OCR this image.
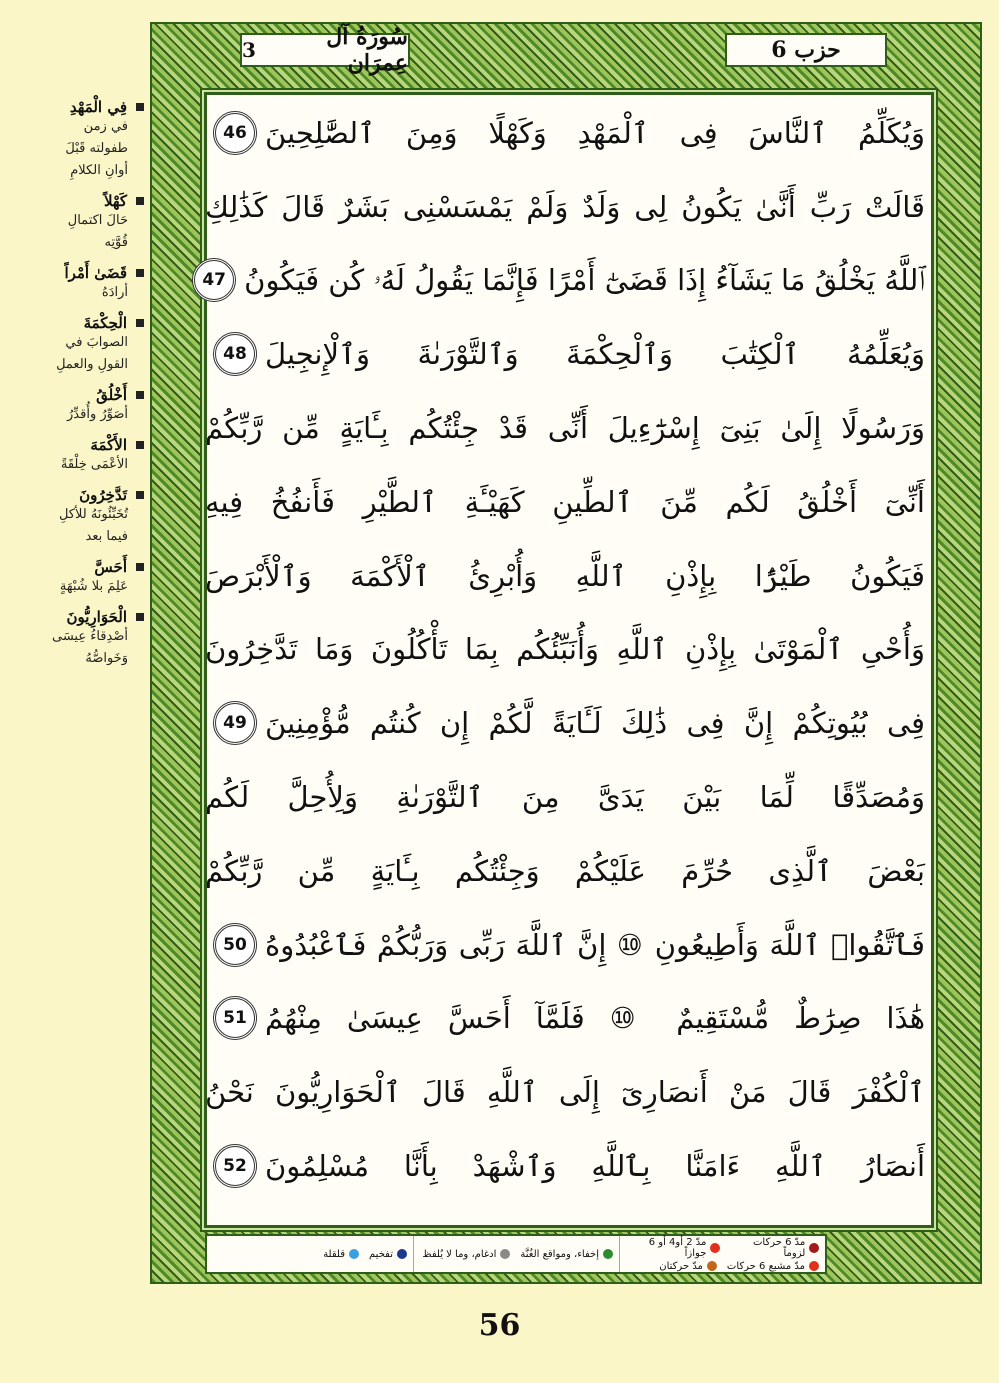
فِي الْمَهْدِ
في زمن
طفولته قَبْلَ
أوانِ الكلامِ
كَهْلاً
حَالَ اكتمالِ
قُوَّتِه
قَضَىٰ أَمْراً
أرادَهُ
الْحِكْمَةَ
الصوابَ في
القولِ والعملِ
أَخْلُقُ
أصَوِّرُ وأُقدِّرُ
الأَكْمَهَ
الأعْمَى خِلْقَةً
تَدَّخِرُونَ
تُخَبِّئُونَهُ للأكلِ
فيما بعد
أَحَسَّ
عَلِمَ بلا شُبْهَةٍ
الْحَوَارِيُّونَ
أصْدِقاءُ عِيسَى
وَخَواصُّهُ
سُورَةُ آل عِمرَان
3	حزب 6
وَيُكَلِّمُ ٱلنَّاسَ فِى ٱلْمَهْدِ وَكَهْلًا وَمِنَ ٱلصَّٰلِحِينَ
46
قَالَتْ رَبِّ أَنَّىٰ يَكُونُ لِى وَلَدٌ وَلَمْ يَمْسَسْنِى بَشَرٌ قَالَ كَذَٰلِكِ
ٱللَّهُ يَخْلُقُ مَا يَشَآءُ إِذَا قَضَىٰٓ أَمْرًا فَإِنَّمَا يَقُولُ لَهُۥ كُن فَيَكُونُ
47
وَيُعَلِّمُهُ ٱلْكِتَٰبَ وَٱلْحِكْمَةَ وَٱلتَّوْرَىٰةَ وَٱلْإِنجِيلَ
48
وَرَسُولًا إِلَىٰ بَنِىٓ إِسْرَٰٓءِيلَ أَنِّى قَدْ جِئْتُكُم بِـَٔايَةٍ مِّن رَّبِّكُمْ
أَنِّىٓ أَخْلُقُ لَكُم مِّنَ ٱلطِّينِ كَهَيْـَٔةِ ٱلطَّيْرِ فَأَنفُخُ فِيهِ
فَيَكُونُ طَيْرًۢا بِإِذْنِ ٱللَّهِ وَأُبْرِئُ ٱلْأَكْمَهَ وَٱلْأَبْرَصَ
وَأُحْىِ ٱلْمَوْتَىٰ بِإِذْنِ ٱللَّهِ وَأُنَبِّئُكُم بِمَا تَأْكُلُونَ وَمَا تَدَّخِرُونَ
فِى بُيُوتِكُمْ إِنَّ فِى ذَٰلِكَ لَـَٔايَةً لَّكُمْ إِن كُنتُم مُّؤْمِنِينَ
49
وَمُصَدِّقًا لِّمَا بَيْنَ يَدَىَّ مِنَ ٱلتَّوْرَىٰةِ وَلِأُحِلَّ لَكُم
بَعْضَ ٱلَّذِى حُرِّمَ عَلَيْكُمْ وَجِئْتُكُم بِـَٔايَةٍ مِّن رَّبِّكُمْ
فَٱتَّقُوا۟ ٱللَّهَ وَأَطِيعُونِ ⑩ إِنَّ ٱللَّهَ رَبِّى وَرَبُّكُمْ فَٱعْبُدُوهُ
50
هَٰذَا صِرَٰطٌ مُّسْتَقِيمٌ ⑩ فَلَمَّآ أَحَسَّ عِيسَىٰ مِنْهُمُ
51
ٱلْكُفْرَ قَالَ مَنْ أَنصَارِىٓ إِلَى ٱللَّهِ قَالَ ٱلْحَوَارِيُّونَ نَحْنُ
أَنصَارُ ٱللَّهِ ءَامَنَّا بِٱللَّهِ وَٱشْهَدْ بِأَنَّا مُسْلِمُونَ
52
مدّ 6 حركات لزوماً
مدّ 2 أو4 أو 6 جوازاً
مدّ مشبع 6 حركات
مدّ حركتان
إخفاء، ومواقع الغُنَّة
ادغام، وما لا يُلفظ
تفخيم
قلقلة
56
